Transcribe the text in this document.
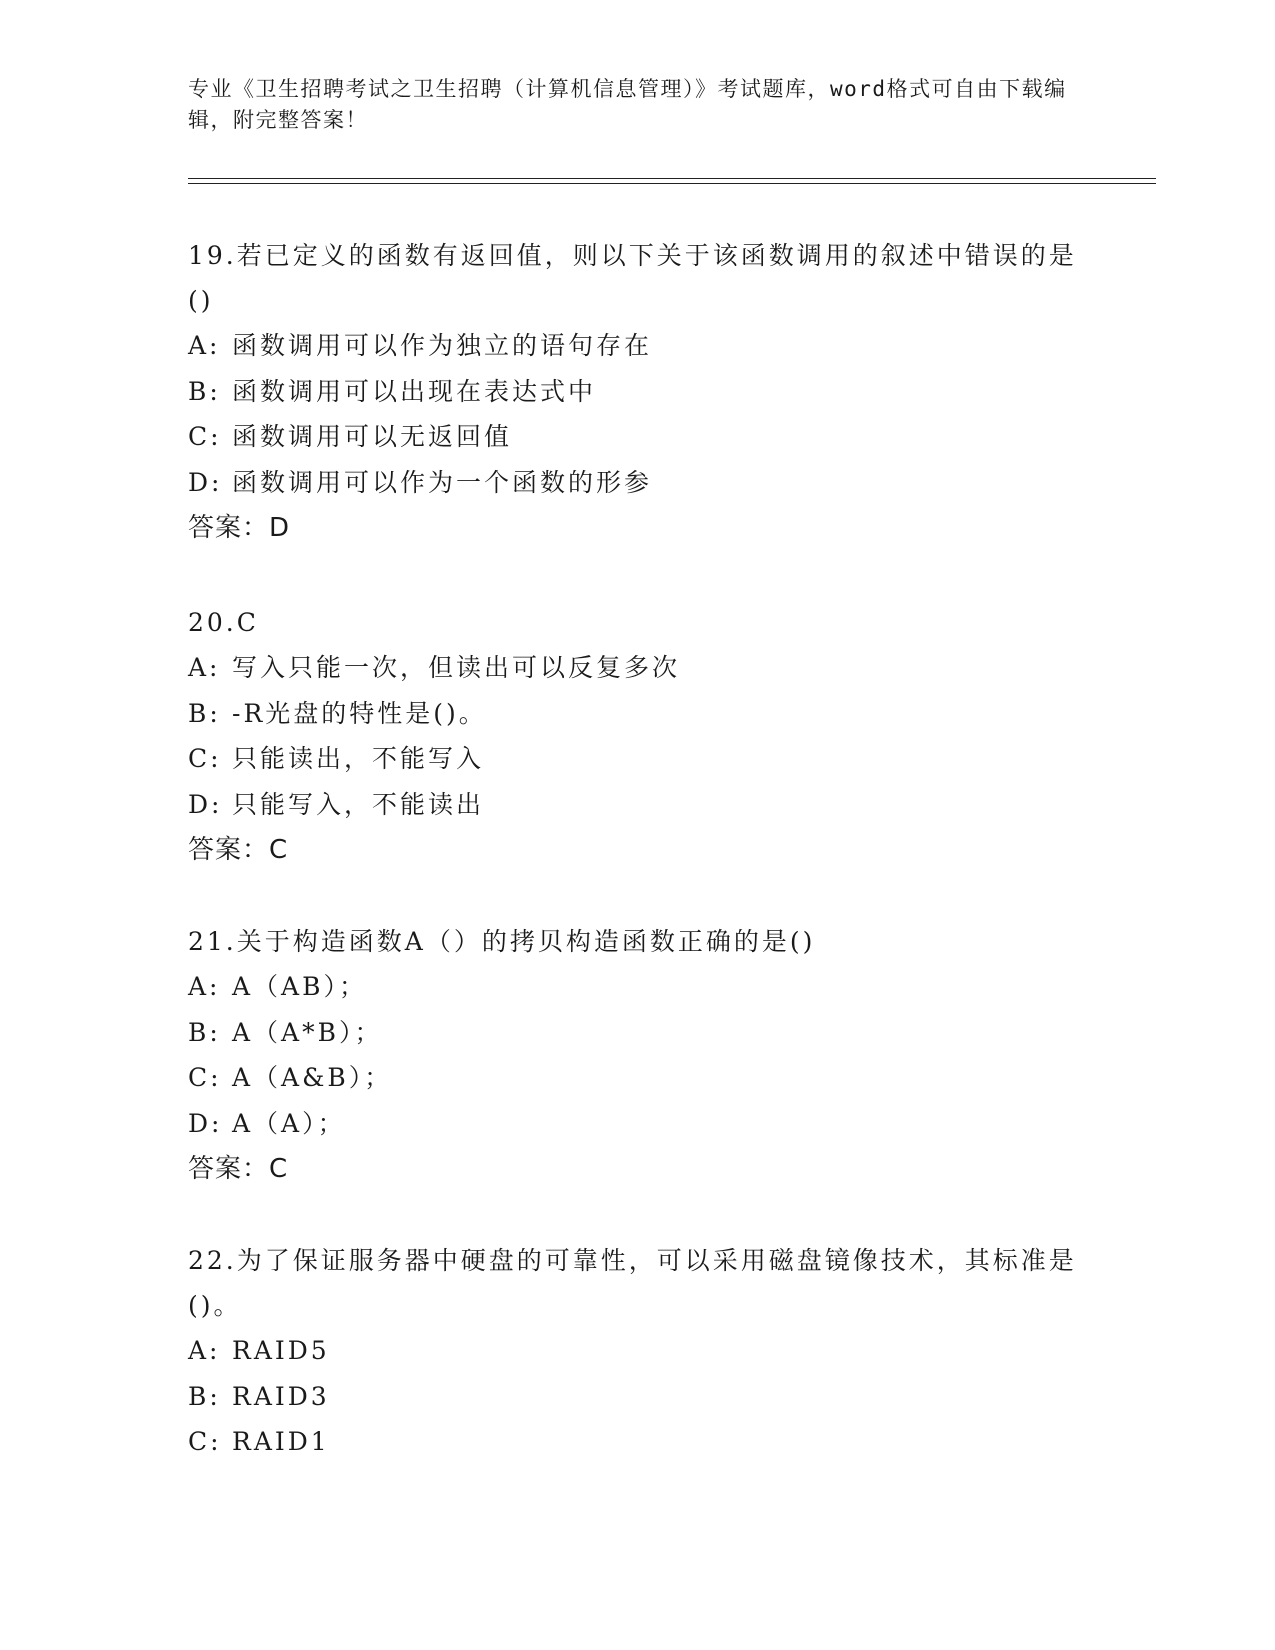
专业《卫生招聘考试之卫生招聘（计算机信息管理）》考试题库，word格式可自由下载编辑，附完整答案！
19.若已定义的函数有返回值，则以下关于该函数调用的叙述中错误的是()
A: 函数调用可以作为独立的语句存在
B: 函数调用可以出现在表达式中
C: 函数调用可以无返回值
D: 函数调用可以作为一个函数的形参
答案：D
20.C
A: 写入只能一次，但读出可以反复多次
B: -R光盘的特性是()。
C: 只能读出，不能写入
D: 只能写入，不能读出
答案：C
21.关于构造函数A（）的拷贝构造函数正确的是()
A: A（AB）；
B: A（A*B）；
C: A（A&B）；
D: A（A）；
答案：C
22.为了保证服务器中硬盘的可靠性，可以采用磁盘镜像技术，其标准是()。
A: RAID5
B: RAID3
C: RAID1
